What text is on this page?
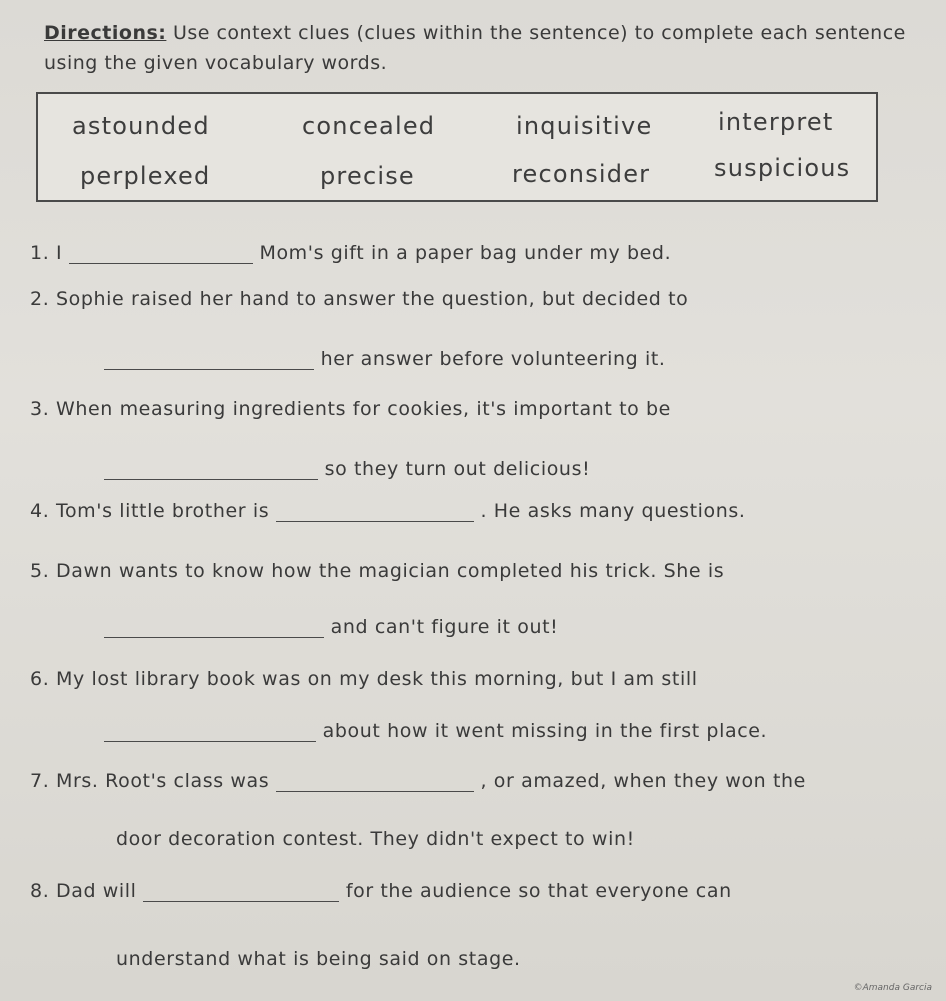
Directions: Use context clues (clues within the sentence) to complete each sentence using the given vocabulary words.
astounded	concealed	inquisitive	interpret
perplexed	precise	reconsider	suspicious
1. I	Mom's gift in a paper bag under my bed.
2. Sophie raised her hand to answer the question, but decided to
her answer before volunteering it.
3. When measuring ingredients for cookies, it's important to be
so they turn out delicious!
4. Tom's little brother is	. He asks many questions.
5. Dawn wants to know how the magician completed his trick. She is
and can't figure it out!
6. My lost library book was on my desk this morning, but I am still
about how it went missing in the first place.
7. Mrs. Root's class was	, or amazed, when they won the
door decoration contest. They didn't expect to win!
8. Dad will	for the audience so that everyone can
understand what is being said on stage.
©Amanda Garcia
